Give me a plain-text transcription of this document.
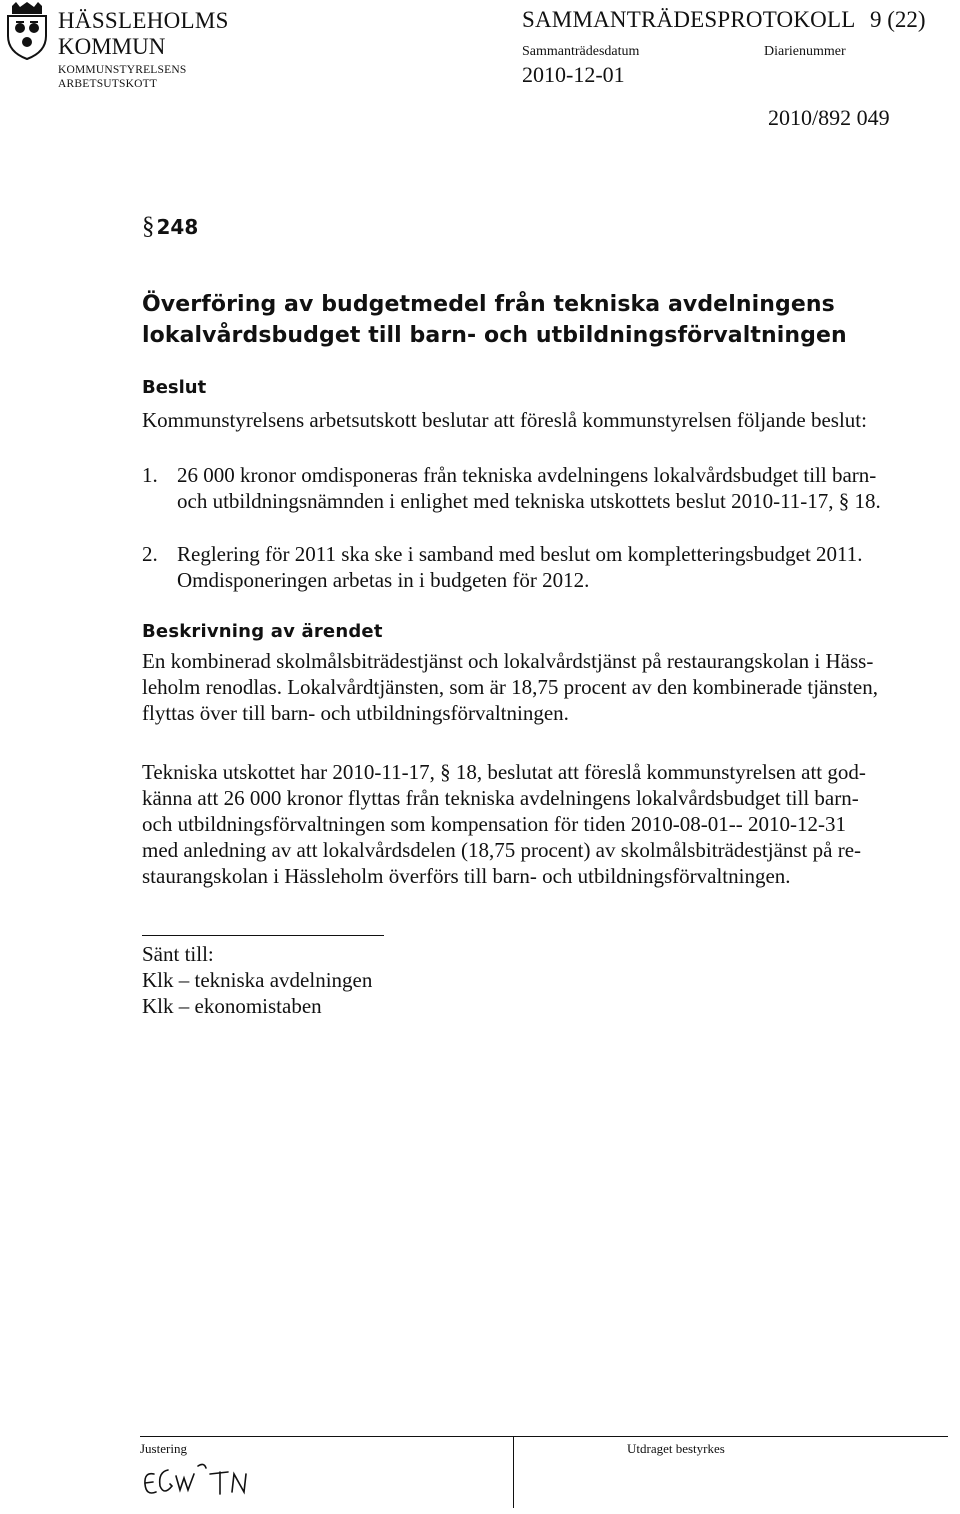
HÄSSLEHOLMS
KOMMUN
KOMMUNSTYRELSENS
ARBETSUTSKOTT
SAMMANTRÄDESPROTOKOLL 9 (22)
Sammanträdesdatum
2010-12-01
Diarienummer
2010/892 049
§ 248
Överföring av budgetmedel från tekniska avdelningens
lokalvårdsbudget till barn- och utbildningsförvaltningen
Beslut
Kommunstyrelsens arbetsutskott beslutar att föreslå kommunstyrelsen följande beslut:
1. 26 000 kronor omdisponeras från tekniska avdelningens lokalvårdsbudget till barn-
och utbildningsnämnden i enlighet med tekniska utskottets beslut 2010-11-17, § 18.
2. Reglering för 2011 ska ske i samband med beslut om kompletteringsbudget 2011.
Omdisponeringen arbetas in i budgeten för 2012.
Beskrivning av ärendet
En kombinerad skolmålsbiträdestjänst och lokalvårdstjänst på restaurangskolan i Häss-
leholm renodlas. Lokalvårdtjänsten, som är 18,75 procent av den kombinerade tjänsten,
flyttas över till barn- och utbildningsförvaltningen.
Tekniska utskottet har 2010-11-17, § 18, beslutat att föreslå kommunstyrelsen att god-
känna att 26 000 kronor flyttas från tekniska avdelningens lokalvårdsbudget till barn-
och utbildningsförvaltningen som kompensation för tiden 2010-08-01-- 2010-12-31
med anledning av att lokalvårdsdelen (18,75 procent) av skolmålsbiträdestjänst på re-
staurangskolan i Hässleholm överförs till barn- och utbildningsförvaltningen.
Sänt till:
Klk – tekniska avdelningen
Klk – ekonomistaben
Justering	Utdraget bestyrkes
